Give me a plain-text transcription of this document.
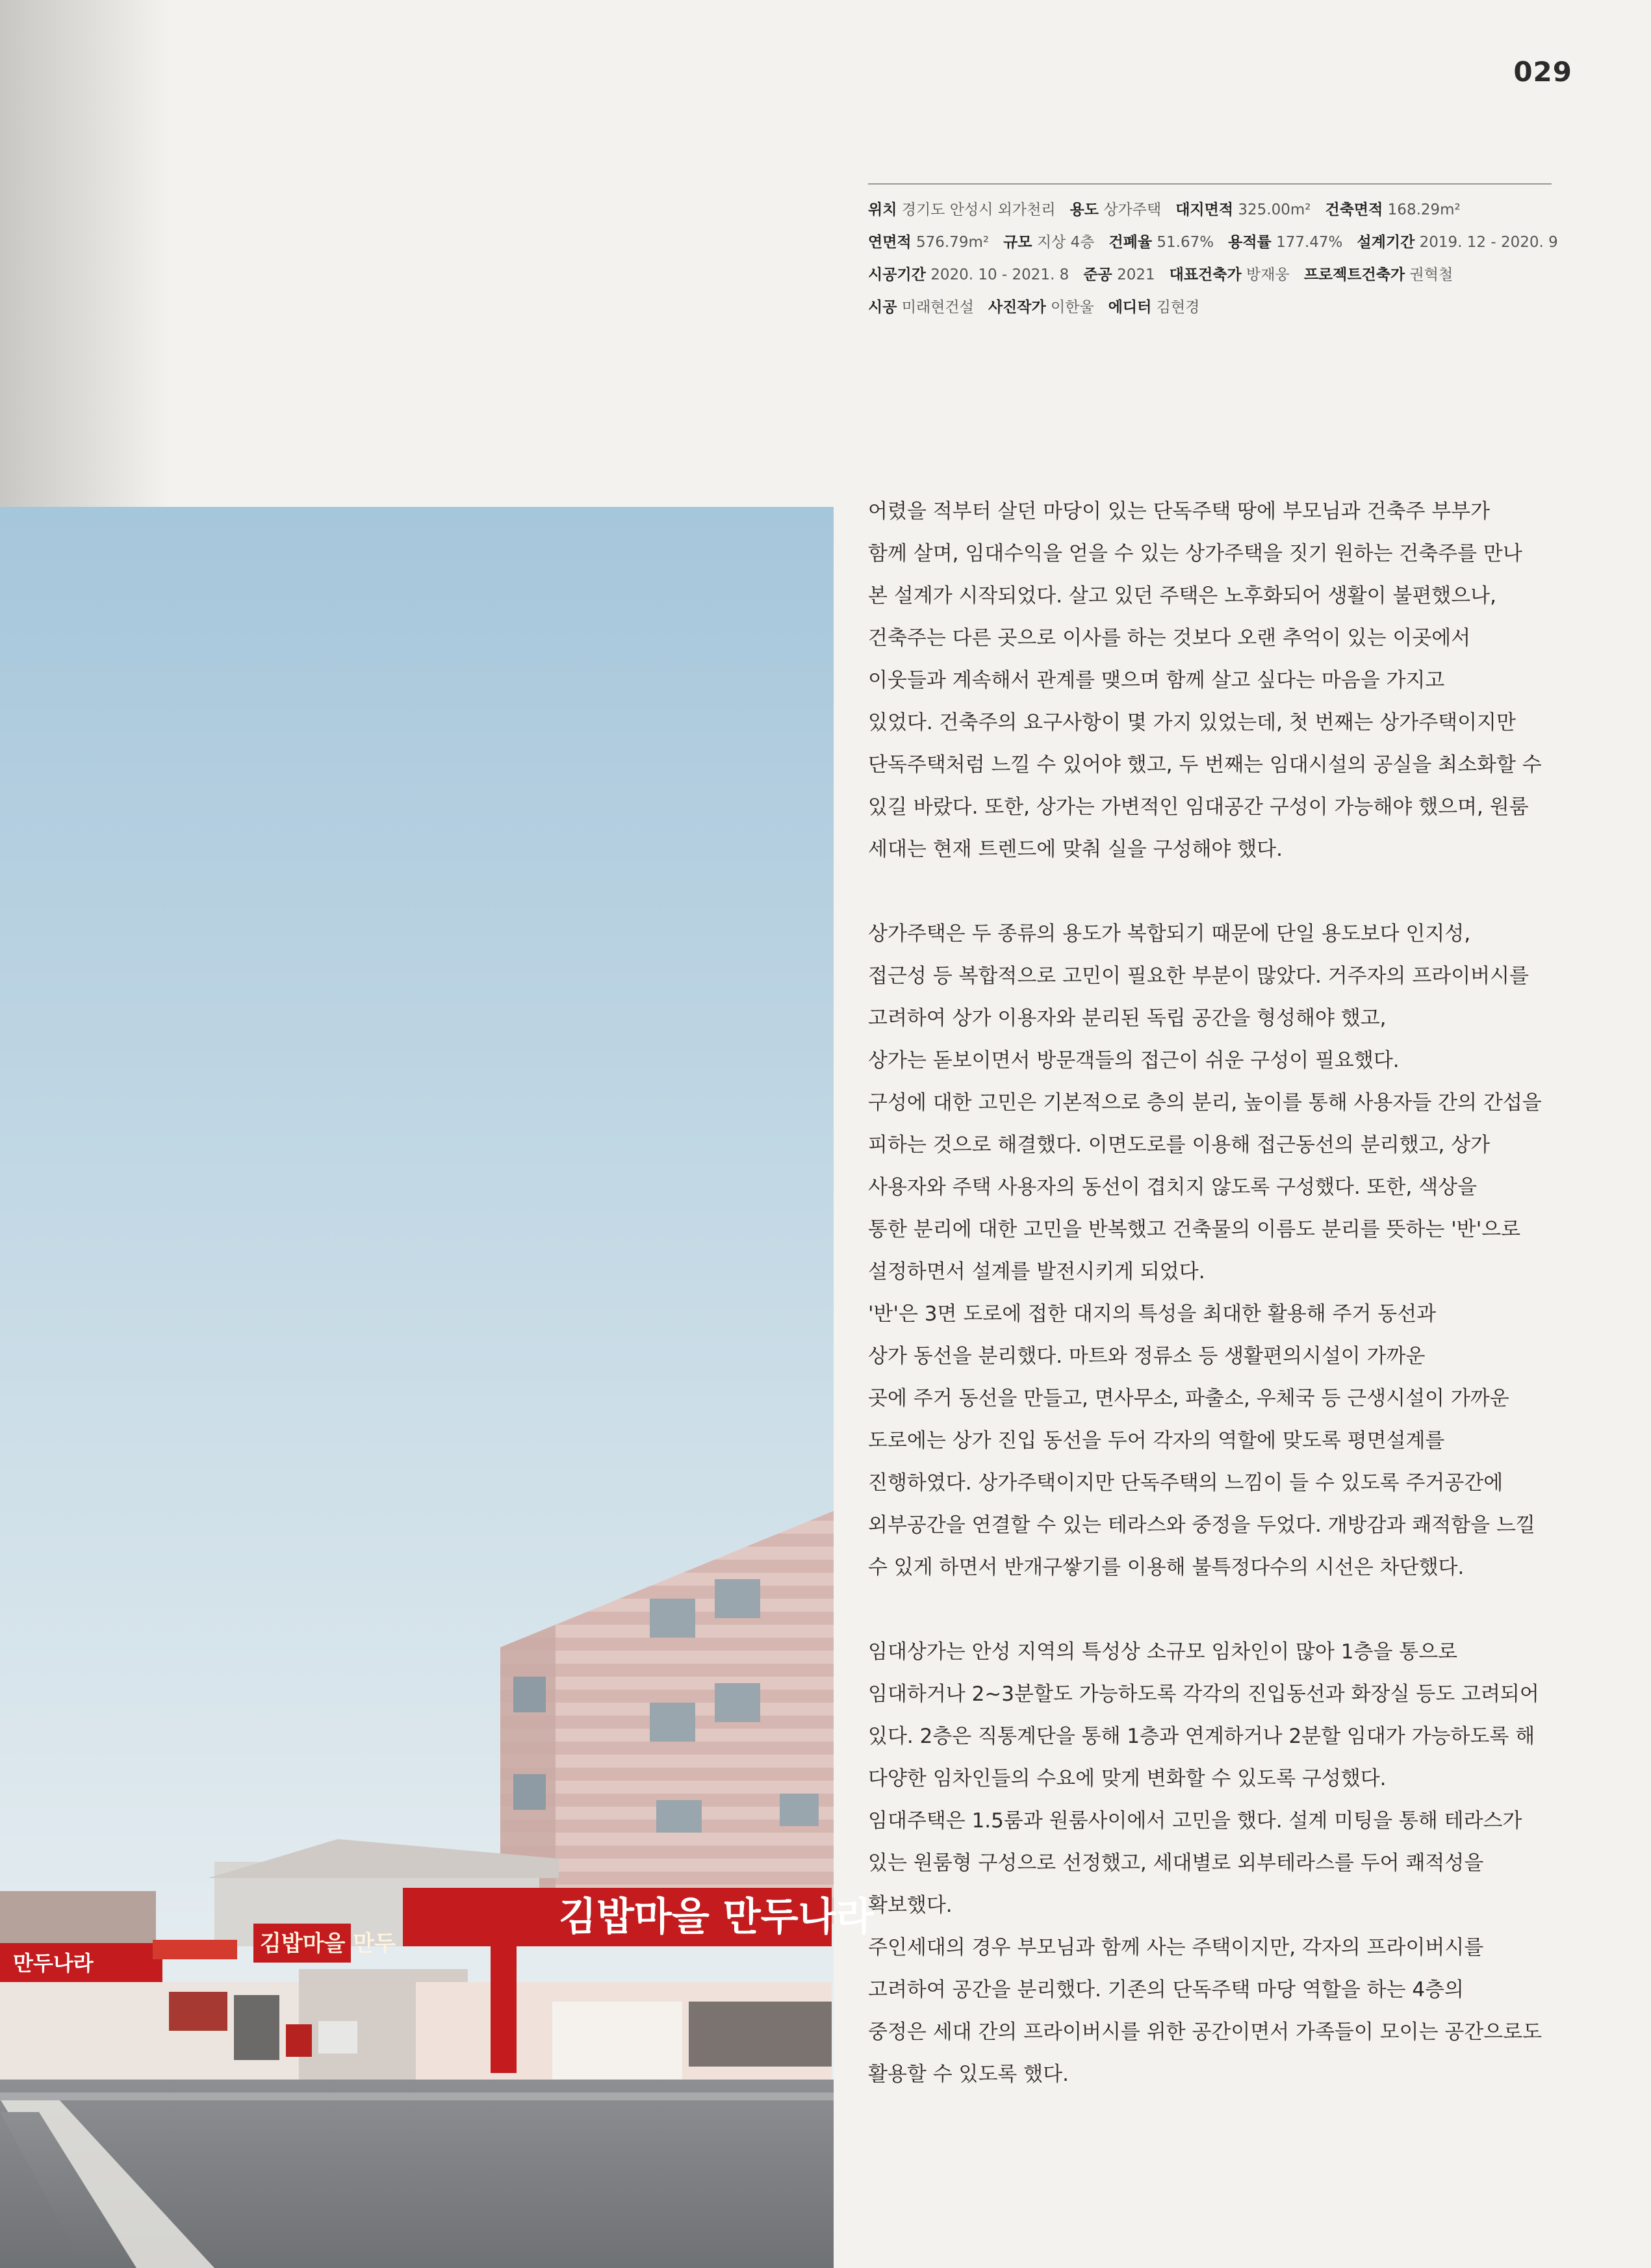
029
위치 경기도 안성시 외가천리 용도 상가주택 대지면적 325.00m² 건축면적 168.29m²
연면적 576.79m² 규모 지상 4층 건폐율 51.67% 용적률 177.47% 설계기간 2019. 12 - 2020. 9
시공기간 2020. 10 - 2021. 8 준공 2021 대표건축가 방재웅 프로젝트건축가 권혁철
시공 미래현건설 사진작가 이한울 에디터 김현경
김밥마을 만두나라
김밥마을 만두
만두나라
어렸을 적부터 살던 마당이 있는 단독주택 땅에 부모님과 건축주 부부가
함께 살며, 임대수익을 얻을 수 있는 상가주택을 짓기 원하는 건축주를 만나
본 설계가 시작되었다. 살고 있던 주택은 노후화되어 생활이 불편했으나,
건축주는 다른 곳으로 이사를 하는 것보다 오랜 추억이 있는 이곳에서
이웃들과 계속해서 관계를 맺으며 함께 살고 싶다는 마음을 가지고
있었다. 건축주의 요구사항이 몇 가지 있었는데, 첫 번째는 상가주택이지만
단독주택처럼 느낄 수 있어야 했고, 두 번째는 임대시설의 공실을 최소화할 수
있길 바랐다. 또한, 상가는 가변적인 임대공간 구성이 가능해야 했으며, 원룸
세대는 현재 트렌드에 맞춰 실을 구성해야 했다.
상가주택은 두 종류의 용도가 복합되기 때문에 단일 용도보다 인지성,
접근성 등 복합적으로 고민이 필요한 부분이 많았다. 거주자의 프라이버시를
고려하여 상가 이용자와 분리된 독립 공간을 형성해야 했고,
상가는 돋보이면서 방문객들의 접근이 쉬운 구성이 필요했다.
구성에 대한 고민은 기본적으로 층의 분리, 높이를 통해 사용자들 간의 간섭을
피하는 것으로 해결했다. 이면도로를 이용해 접근동선의 분리했고, 상가
사용자와 주택 사용자의 동선이 겹치지 않도록 구성했다. 또한, 색상을
통한 분리에 대한 고민을 반복했고 건축물의 이름도 분리를 뜻하는 '반'으로
설정하면서 설계를 발전시키게 되었다.
'반'은 3면 도로에 접한 대지의 특성을 최대한 활용해 주거 동선과
상가 동선을 분리했다. 마트와 정류소 등 생활편의시설이 가까운
곳에 주거 동선을 만들고, 면사무소, 파출소, 우체국 등 근생시설이 가까운
도로에는 상가 진입 동선을 두어 각자의 역할에 맞도록 평면설계를
진행하였다. 상가주택이지만 단독주택의 느낌이 들 수 있도록 주거공간에
외부공간을 연결할 수 있는 테라스와 중정을 두었다. 개방감과 쾌적함을 느낄
수 있게 하면서 반개구쌓기를 이용해 불특정다수의 시선은 차단했다.
임대상가는 안성 지역의 특성상 소규모 임차인이 많아 1층을 통으로
임대하거나 2~3분할도 가능하도록 각각의 진입동선과 화장실 등도 고려되어
있다. 2층은 직통계단을 통해 1층과 연계하거나 2분할 임대가 가능하도록 해
다양한 임차인들의 수요에 맞게 변화할 수 있도록 구성했다.
임대주택은 1.5룸과 원룸사이에서 고민을 했다. 설계 미팅을 통해 테라스가
있는 원룸형 구성으로 선정했고, 세대별로 외부테라스를 두어 쾌적성을
확보했다.
주인세대의 경우 부모님과 함께 사는 주택이지만, 각자의 프라이버시를
고려하여 공간을 분리했다. 기존의 단독주택 마당 역할을 하는 4층의
중정은 세대 간의 프라이버시를 위한 공간이면서 가족들이 모이는 공간으로도
활용할 수 있도록 했다.
